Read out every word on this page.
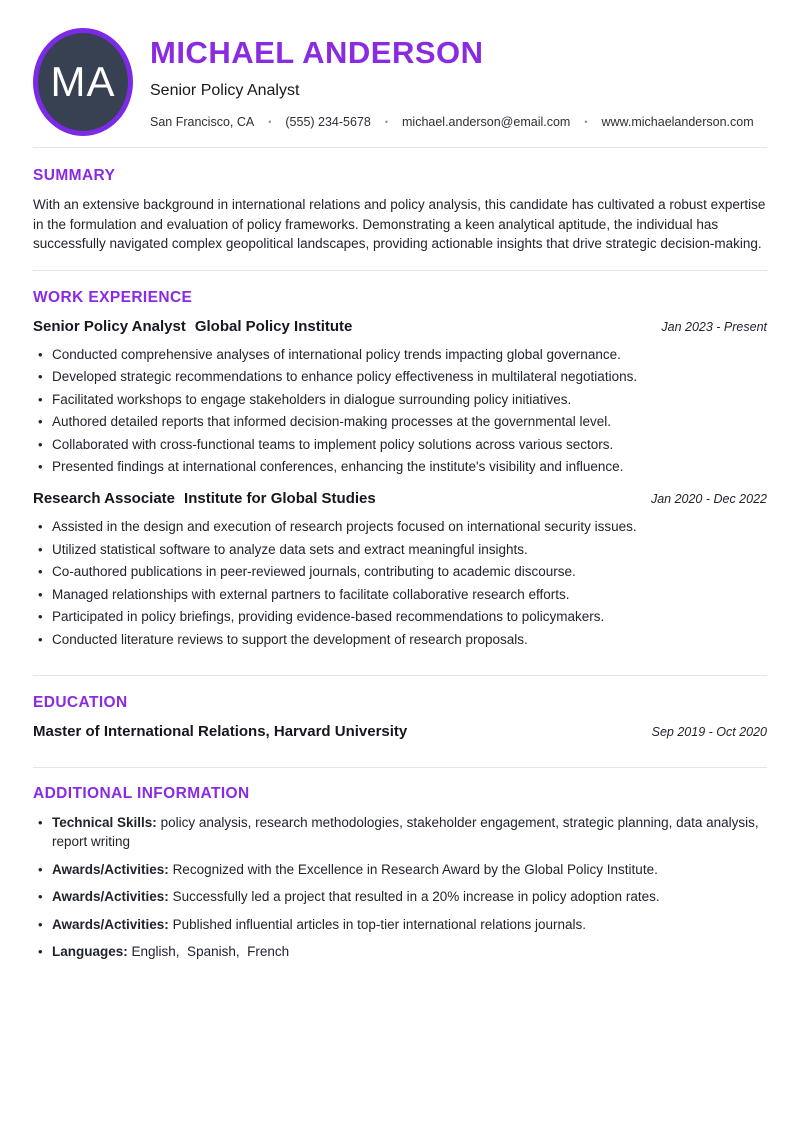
MA
MICHAEL ANDERSON
Senior Policy Analyst
San Francisco, CA • (555) 234-5678 • michael.anderson@email.com • www.michaelanderson.com
SUMMARY

With an extensive background in international relations and policy analysis, this candidate has cultivated a robust expertise in the formulation and evaluation of policy frameworks. Demonstrating a keen analytical aptitude, the individual has successfully navigated complex geopolitical landscapes, providing actionable insights that drive strategic decision-making.

WORK EXPERIENCE
Senior Policy Analyst Global Policy Institute	Jan 2023 - Present
• Conducted comprehensive analyses of international policy trends impacting global governance.
• Developed strategic recommendations to enhance policy effectiveness in multilateral negotiations.
• Facilitated workshops to engage stakeholders in dialogue surrounding policy initiatives.
• Authored detailed reports that informed decision-making processes at the governmental level.
• Collaborated with cross-functional teams to implement policy solutions across various sectors.
• Presented findings at international conferences, enhancing the institute's visibility and influence.
Research Associate Institute for Global Studies	Jan 2020 - Dec 2022
• Assisted in the design and execution of research projects focused on international security issues.
• Utilized statistical software to analyze data sets and extract meaningful insights.
• Co-authored publications in peer-reviewed journals, contributing to academic discourse.
• Managed relationships with external partners to facilitate collaborative research efforts.
• Participated in policy briefings, providing evidence-based recommendations to policymakers.
• Conducted literature reviews to support the development of research proposals.
EDUCATION
Master of International Relations, Harvard University	Sep 2019 - Oct 2020
ADDITIONAL INFORMATION
• Technical Skills: policy analysis, research methodologies, stakeholder engagement, strategic planning, data analysis, report writing
• Awards/Activities: Recognized with the Excellence in Research Award by the Global Policy Institute.
• Awards/Activities: Successfully led a project that resulted in a 20% increase in policy adoption rates.
• Awards/Activities: Published influential articles in top-tier international relations journals.
• Languages: English,  Spanish,  French
